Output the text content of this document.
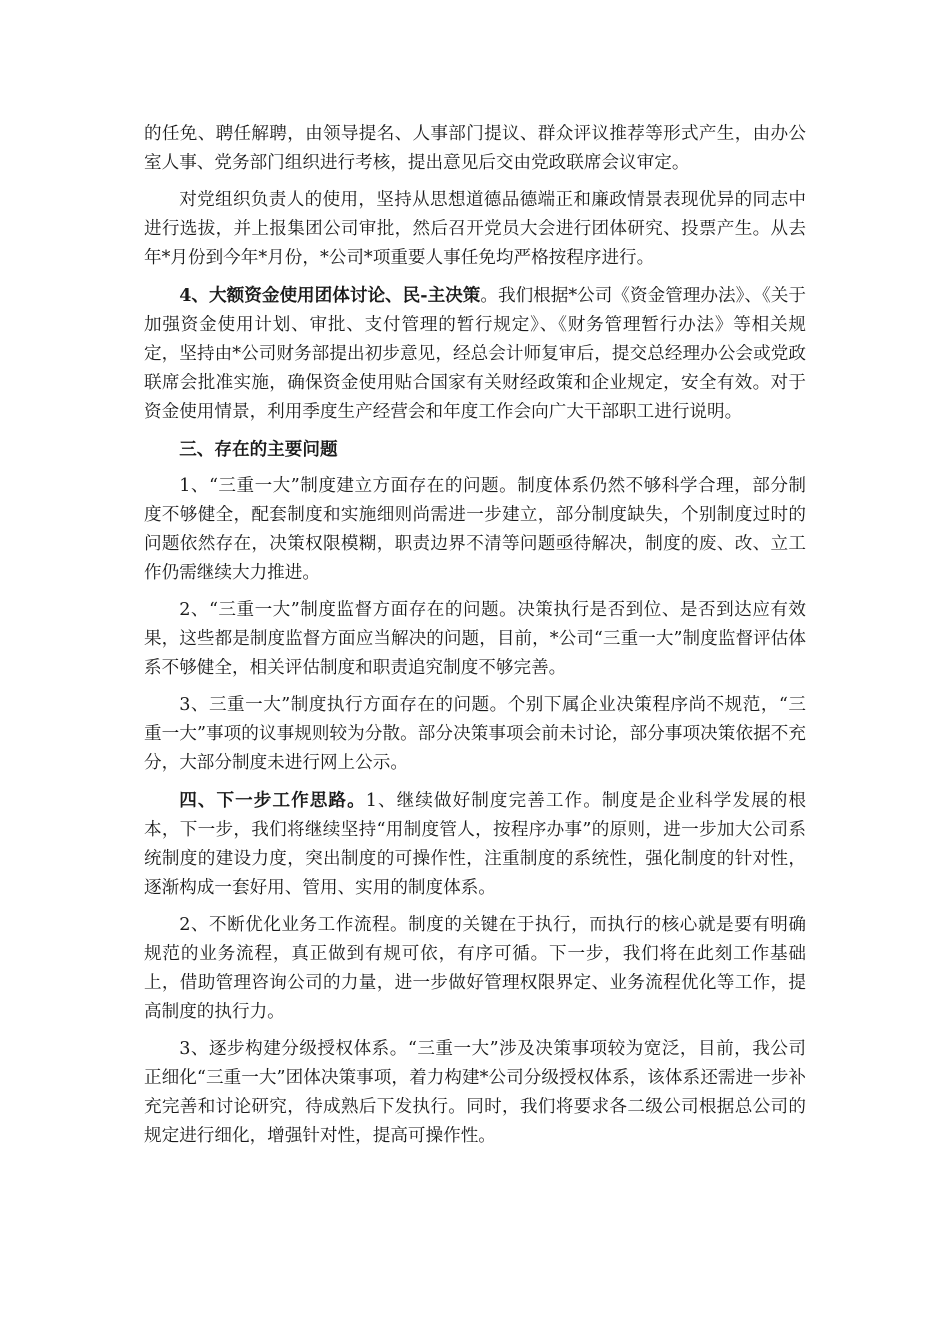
的任免、聘任解聘，由领导提名、人事部门提议、群众评议推荐等形式产生，由办公室人事、党务部门组织进行考核，提出意见后交由党政联席会议审定。

对党组织负责人的使用，坚持从思想道德品德端正和廉政情景表现优异的同志中进行选拔，并上报集团公司审批，然后召开党员大会进行团体研究、投票产生。从去年*月份到今年*月份，*公司*项重要人事任免均严格按程序进行。

4、大额资金使用团体讨论、民-主决策。我们根据*公司《资金管理办法》、《关于加强资金使用计划、审批、支付管理的暂行规定》、《财务管理暂行办法》等相关规定，坚持由*公司财务部提出初步意见，经总会计师复审后，提交总经理办公会或党政联席会批准实施，确保资金使用贴合国家有关财经政策和企业规定，安全有效。对于资金使用情景，利用季度生产经营会和年度工作会向广大干部职工进行说明。

三、存在的主要问题

1、“三重一大”制度建立方面存在的问题。制度体系仍然不够科学合理，部分制度不够健全，配套制度和实施细则尚需进一步建立，部分制度缺失，个别制度过时的问题依然存在，决策权限模糊，职责边界不清等问题亟待解决，制度的废、改、立工作仍需继续大力推进。

2、“三重一大”制度监督方面存在的问题。决策执行是否到位、是否到达应有效果，这些都是制度监督方面应当解决的问题，目前，*公司“三重一大”制度监督评估体系不够健全，相关评估制度和职责追究制度不够完善。

3、三重一大”制度执行方面存在的问题。个别下属企业决策程序尚不规范，“三重一大”事项的议事规则较为分散。部分决策事项会前未讨论，部分事项决策依据不充分，大部分制度未进行网上公示。

四、下一步工作思路。1、继续做好制度完善工作。制度是企业科学发展的根本，下一步，我们将继续坚持“用制度管人，按程序办事”的原则，进一步加大公司系统制度的建设力度，突出制度的可操作性，注重制度的系统性，强化制度的针对性，逐渐构成一套好用、管用、实用的制度体系。

2、不断优化业务工作流程。制度的关键在于执行，而执行的核心就是要有明确规范的业务流程，真正做到有规可依，有序可循。下一步，我们将在此刻工作基础上，借助管理咨询公司的力量，进一步做好管理权限界定、业务流程优化等工作，提高制度的执行力。

3、逐步构建分级授权体系。“三重一大”涉及决策事项较为宽泛，目前，我公司正细化“三重一大”团体决策事项，着力构建*公司分级授权体系，该体系还需进一步补充完善和讨论研究，待成熟后下发执行。同时，我们将要求各二级公司根据总公司的规定进行细化，增强针对性，提高可操作性。
